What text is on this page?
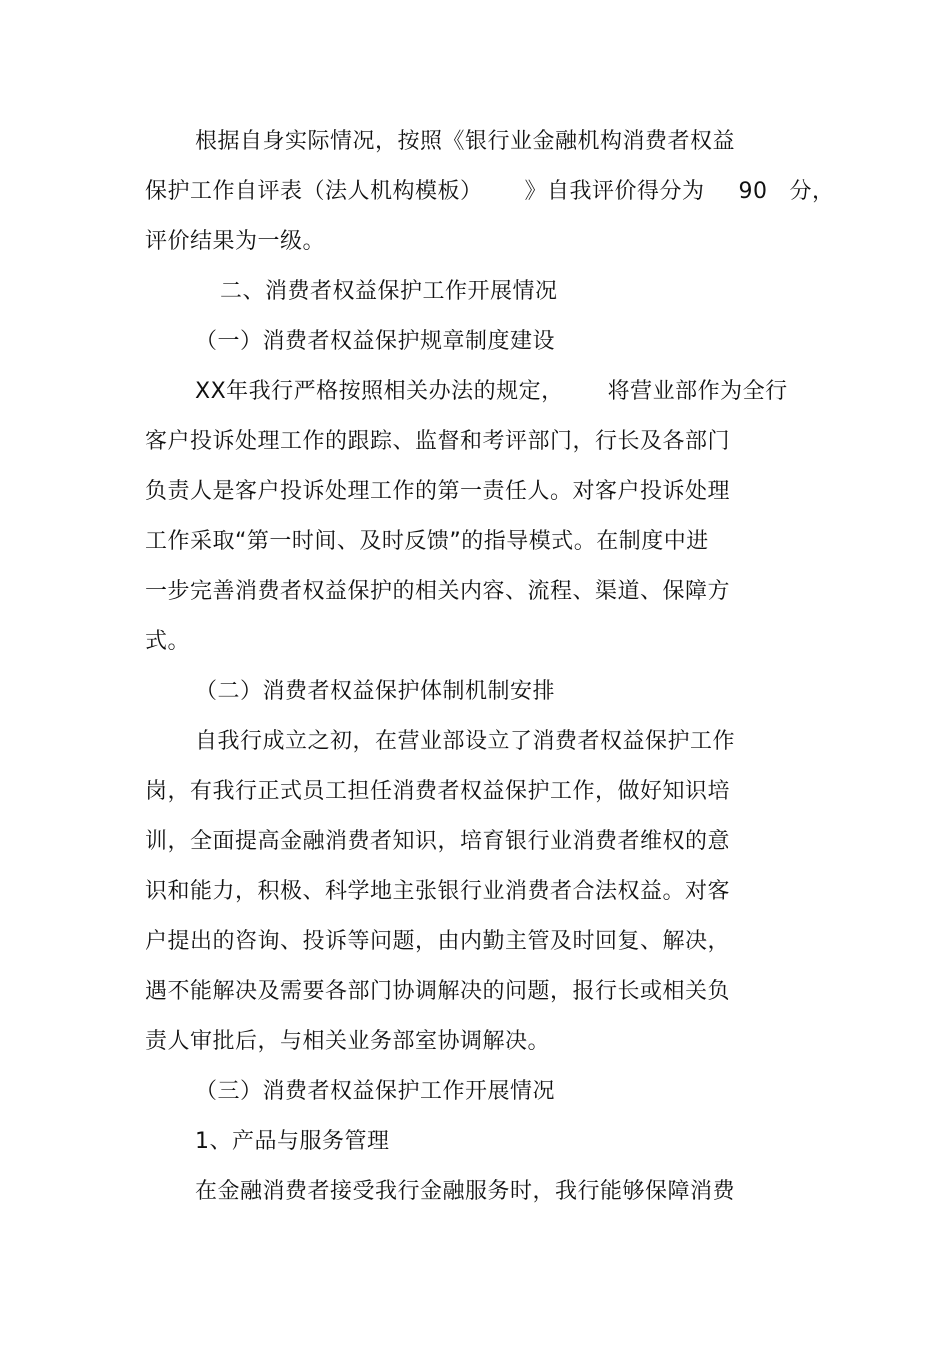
根据自身实际情况，按照《银行业金融机构消费者权益
保护工作自评表（法人机构模板） 》自我评价得分为 90 分，
评价结果为一级。
二、消费者权益保护工作开展情况
（一）消费者权益保护规章制度建设
XX年我行严格按照相关办法的规定， 将营业部作为全行
客户投诉处理工作的跟踪、监督和考评部门，行长及各部门
负责人是客户投诉处理工作的第一责任人。对客户投诉处理
工作采取“第一时间、及时反馈”的指导模式。在制度中进
一步完善消费者权益保护的相关内容、流程、渠道、保障方
式。
（二）消费者权益保护体制机制安排
自我行成立之初，在营业部设立了消费者权益保护工作
岗，有我行正式员工担任消费者权益保护工作，做好知识培
训，全面提高金融消费者知识，培育银行业消费者维权的意
识和能力，积极、科学地主张银行业消费者合法权益。对客
户提出的咨询、投诉等问题，由内勤主管及时回复、解决，
遇不能解决及需要各部门协调解决的问题，报行长或相关负
责人审批后，与相关业务部室协调解决。
（三）消费者权益保护工作开展情况
1、产品与服务管理
在金融消费者接受我行金融服务时，我行能够保障消费
